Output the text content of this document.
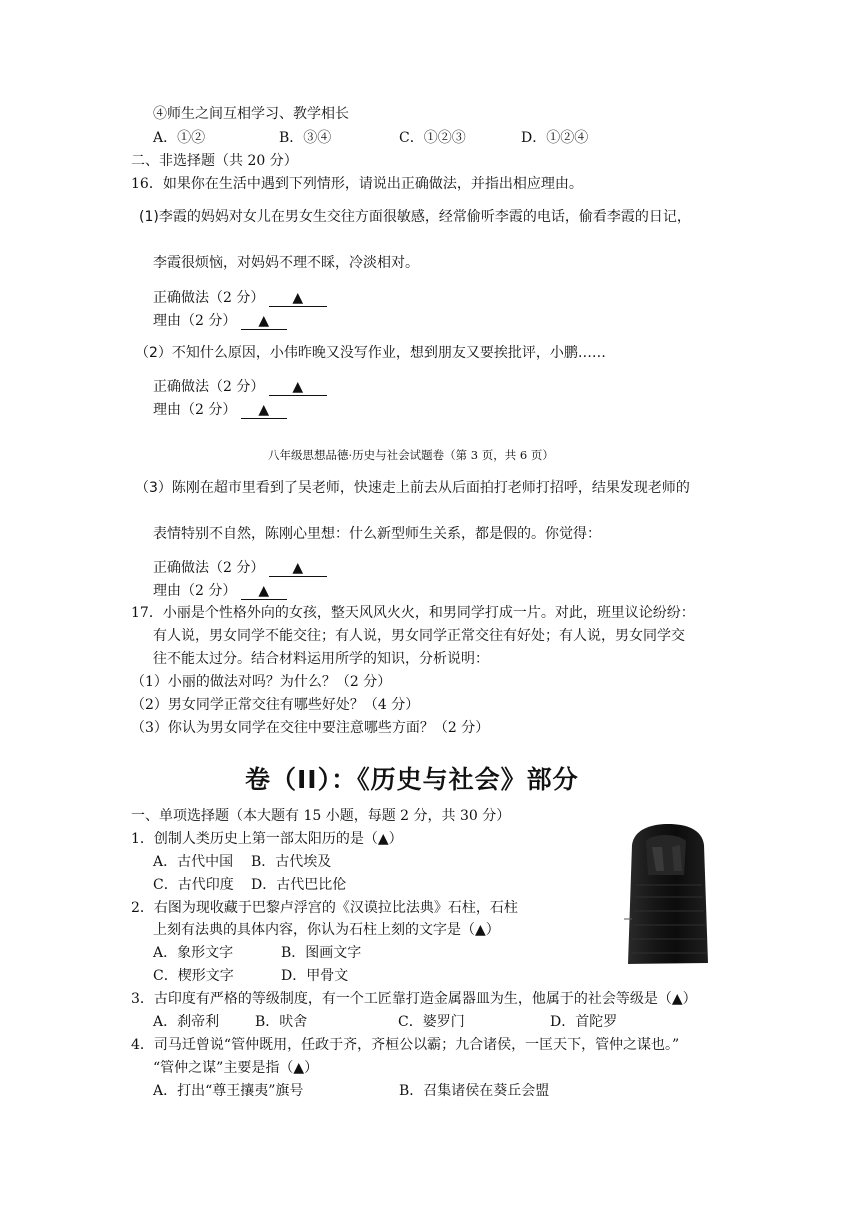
④师生之间互相学习、教学相长
A．①②	B．③④	C．①②③	D．①②④
二、非选择题（共 20 分）
16．如果你在生活中遇到下列情形，请说出正确做法，并指出相应理由。
(1)李霞的妈妈对女儿在男女生交往方面很敏感，经常偷听李霞的电话，偷看李霞的日记，
李霞很烦恼，对妈妈不理不睬，冷淡相对。
正确做法（2 分） ▲
理由（2 分） ▲
（2）不知什么原因，小伟昨晚又没写作业，想到朋友又要挨批评，小鹏……
正确做法（2 分） ▲
理由（2 分） ▲
八年级思想品德·历史与社会试题卷（第 3 页，共 6 页）
（3）陈刚在超市里看到了吴老师，快速走上前去从后面拍打老师打招呼，结果发现老师的
表情特别不自然，陈刚心里想：什么新型师生关系，都是假的。你觉得：
正确做法（2 分） ▲
理由（2 分） ▲
17．小丽是个性格外向的女孩，整天风风火火，和男同学打成一片。对此，班里议论纷纷：
有人说，男女同学不能交往；有人说，男女同学正常交往有好处；有人说，男女同学交
往不能太过分。结合材料运用所学的知识，分析说明：
（1）小丽的做法对吗？为什么？（2 分）
（2）男女同学正常交往有哪些好处？（4 分）
（3）你认为男女同学在交往中要注意哪些方面？（2 分）
卷（II）：《历史与社会》部分
一、单项选择题（本大题有 15 小题，每题 2 分，共 30 分）
1．创制人类历史上第一部太阳历的是（▲）
A．古代中国 B．古代埃及
C．古代印度 D．古代巴比伦
2．右图为现收藏于巴黎卢浮宫的《汉谟拉比法典》石柱，石柱
上刻有法典的具体内容，你认为石柱上刻的文字是（▲）
A．象形文字	B．图画文字
C．楔形文字	D．甲骨文
3．古印度有严格的等级制度，有一个工匠靠打造金属器皿为生，他属于的社会等级是（▲）
A．刹帝利	B．吠舍	C．婆罗门	D．首陀罗
4．司马迁曾说“管仲既用，任政于齐，齐桓公以霸；九合诸侯，一匡天下，管仲之谋也。”
“管仲之谋”主要是指（▲）
A．打出“尊王攘夷”旗号	B．召集诸侯在葵丘会盟
